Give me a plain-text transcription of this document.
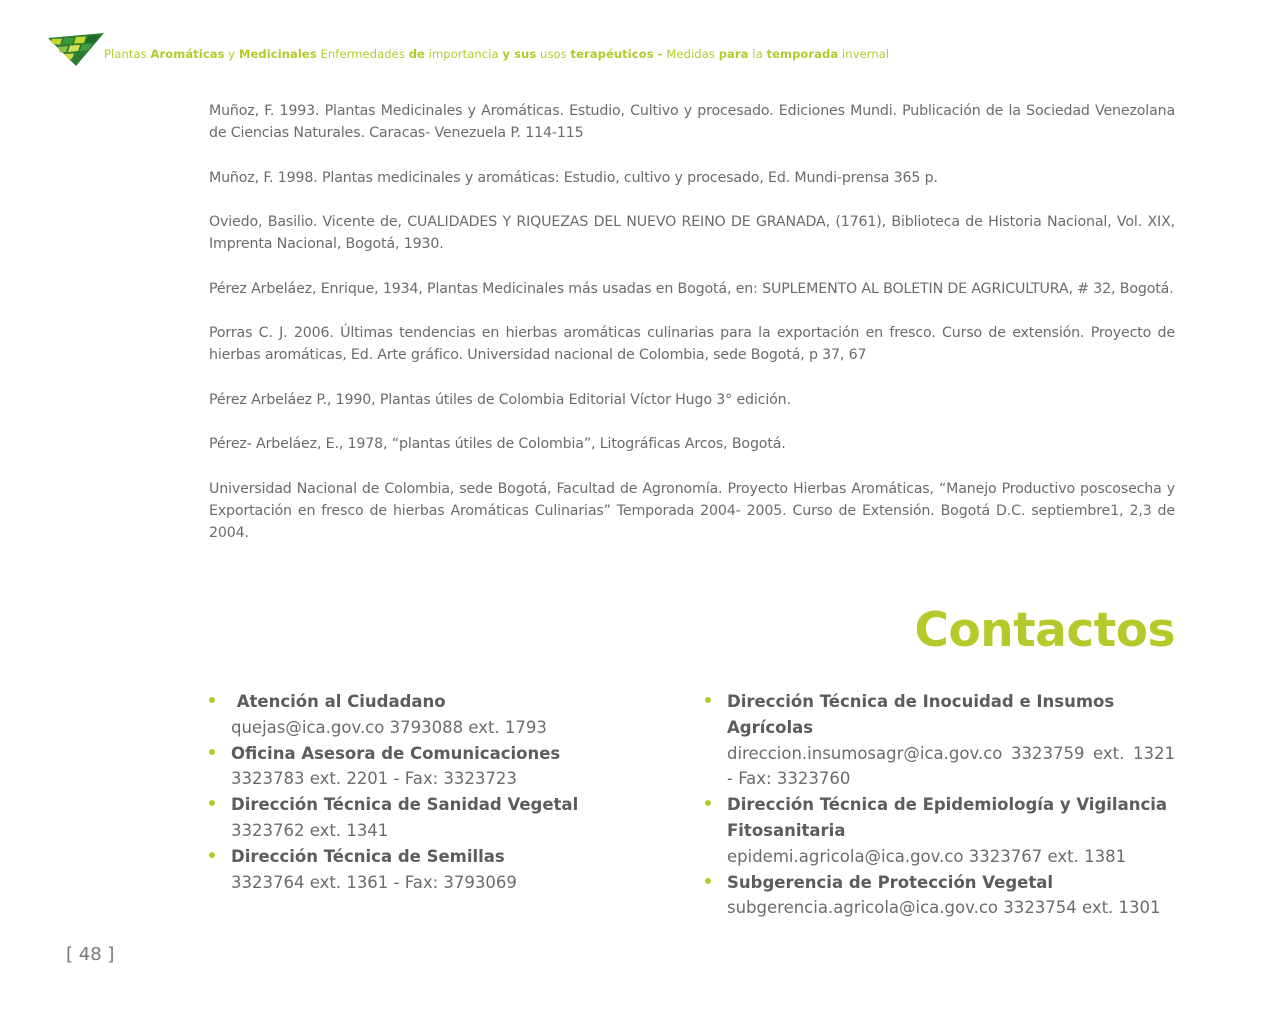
Plantas Aromáticas y Medicinales Enfermedades de importancia y sus usos terapéuticos - Medidas para la temporada invernal

Muñoz, F. 1993. Plantas Medicinales y Aromáticas. Estudio, Cultivo y procesado. Ediciones Mundi. Publicación de la Sociedad Venezolana de Ciencias Naturales. Caracas- Venezuela P. 114-115

Muñoz, F. 1998. Plantas medicinales y aromáticas: Estudio, cultivo y procesado, Ed. Mundi-prensa 365 p.

Oviedo, Basilio. Vicente de, CUALIDADES Y RIQUEZAS DEL NUEVO REINO DE GRANADA, (1761), Biblioteca de Historia Nacional, Vol. XIX, Imprenta Nacional, Bogotá, 1930.

Pérez Arbeláez, Enrique, 1934, Plantas Medicinales más usadas en Bogotá, en: SUPLEMENTO AL BOLETIN DE AGRICULTURA, # 32, Bogotá.

Porras C. J. 2006. Últimas tendencias en hierbas aromáticas culinarias para la exportación en fresco. Curso de extensión. Proyecto de hierbas aromáticas, Ed. Arte gráfico. Universidad nacional de Colombia, sede Bogotá, p 37, 67

Pérez Arbeláez P., 1990, Plantas útiles de Colombia Editorial Víctor Hugo 3° edición.

Pérez- Arbeláez, E., 1978, “plantas útiles de Colombia”, Litográficas Arcos, Bogotá.

Universidad Nacional de Colombia, sede Bogotá, Facultad de Agronomía. Proyecto Hierbas Aromáticas, “Manejo Productivo poscosecha y Exportación en fresco de hierbas Aromáticas Culinarias” Temporada 2004- 2005. Curso de Extensión. Bogotá D.C. septiembre1, 2,3 de 2004.

Contactos
Atención al Ciudadano
quejas@ica.gov.co 3793088 ext. 1793
Oficina Asesora de Comunicaciones
3323783 ext. 2201 - Fax: 3323723
Dirección Técnica de Sanidad Vegetal
3323762 ext. 1341
Dirección Técnica de Semillas
3323764 ext. 1361 - Fax: 3793069
Dirección Técnica de Inocuidad e Insumos Agrícolas
direccion.insumosagr@ica.gov.co 3323759 ext. 1321 - Fax: 3323760
Dirección Técnica de Epidemiología y Vigilancia Fitosanitaria
epidemi.agricola@ica.gov.co 3323767 ext. 1381
Subgerencia de Protección Vegetal
subgerencia.agricola@ica.gov.co 3323754 ext. 1301
[ 48 ]
